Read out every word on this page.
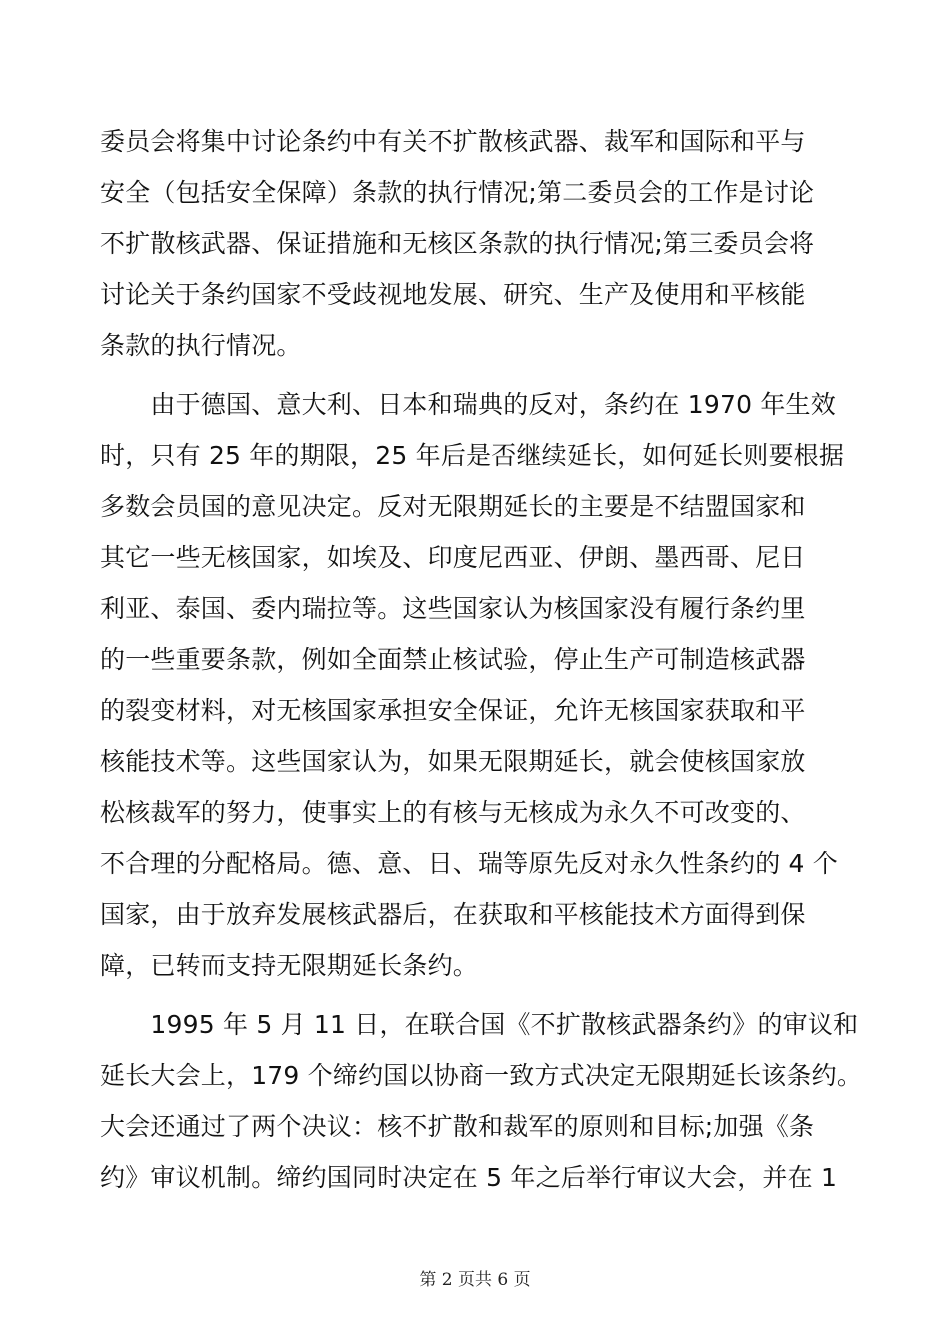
委员会将集中讨论条约中有关不扩散核武器、裁军和国际和平与
安全（包括安全保障）条款的执行情况;第二委员会的工作是讨论
不扩散核武器、保证措施和无核区条款的执行情况;第三委员会将
讨论关于条约国家不受歧视地发展、研究、生产及使用和平核能
条款的执行情况。
　　由于德国、意大利、日本和瑞典的反对，条约在 1970 年生效
时，只有 25 年的期限，25 年后是否继续延长，如何延长则要根据
多数会员国的意见决定。反对无限期延长的主要是不结盟国家和
其它一些无核国家，如埃及、印度尼西亚、伊朗、墨西哥、尼日
利亚、泰国、委内瑞拉等。这些国家认为核国家没有履行条约里
的一些重要条款，例如全面禁止核试验，停止生产可制造核武器
的裂变材料，对无核国家承担安全保证，允许无核国家获取和平
核能技术等。这些国家认为，如果无限期延长，就会使核国家放
松核裁军的努力，使事实上的有核与无核成为永久不可改变的、
不合理的分配格局。德、意、日、瑞等原先反对永久性条约的 4 个
国家，由于放弃发展核武器后，在获取和平核能技术方面得到保
障，已转而支持无限期延长条约。
　　1995 年 5 月 11 日，在联合国《不扩散核武器条约》的审议和
延长大会上，179 个缔约国以协商一致方式决定无限期延长该条约。
大会还通过了两个决议：核不扩散和裁军的原则和目标;加强《条
约》审议机制。缔约国同时决定在 5 年之后举行审议大会，并在 1
第 2 页共 6 页
